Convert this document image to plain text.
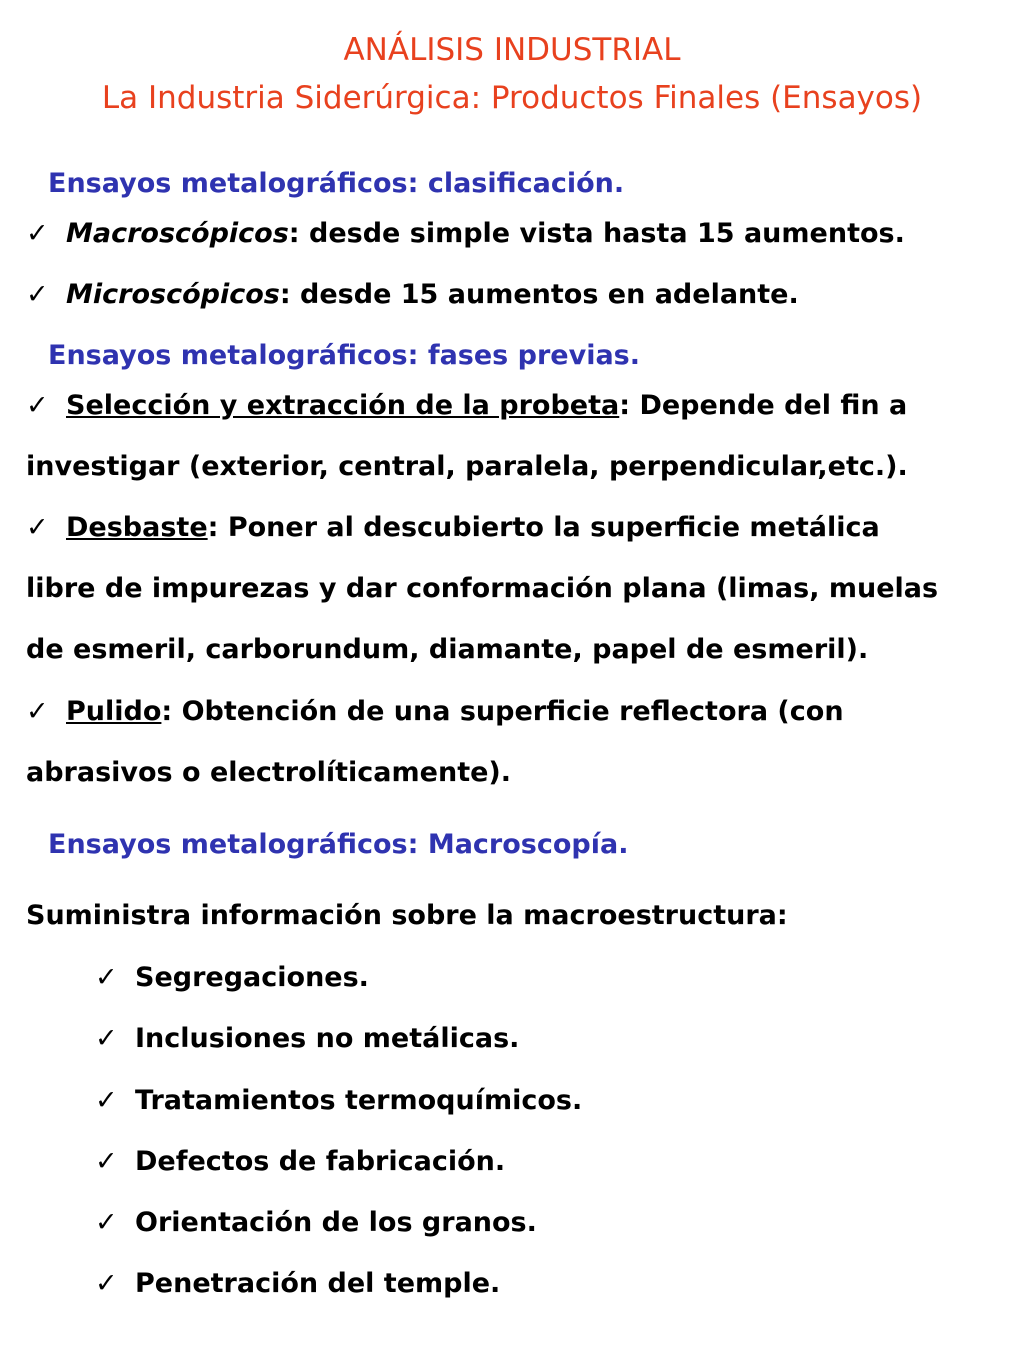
ANÁLISIS INDUSTRIAL
La Industria Siderúrgica: Productos Finales (Ensayos)
Ensayos metalográficos: clasificación.
✓ Macroscópicos: desde simple vista hasta 15 aumentos.
✓ Microscópicos: desde 15 aumentos en adelante.
Ensayos metalográficos: fases previas.
✓ Selección y extracción de la probeta: Depende del fin a
investigar (exterior, central, paralela, perpendicular,etc.).
✓ Desbaste: Poner al descubierto la superficie metálica
libre de impurezas y dar conformación plana (limas, muelas
de esmeril, carborundum, diamante, papel de esmeril).
✓ Pulido: Obtención de una superficie reflectora (con
abrasivos o electrolíticamente).
Ensayos metalográficos: Macroscopía.
Suministra información sobre la macroestructura:
✓ Segregaciones.
✓ Inclusiones no metálicas.
✓ Tratamientos termoquímicos.
✓ Defectos de fabricación.
✓ Orientación de los granos.
✓ Penetración del temple.
